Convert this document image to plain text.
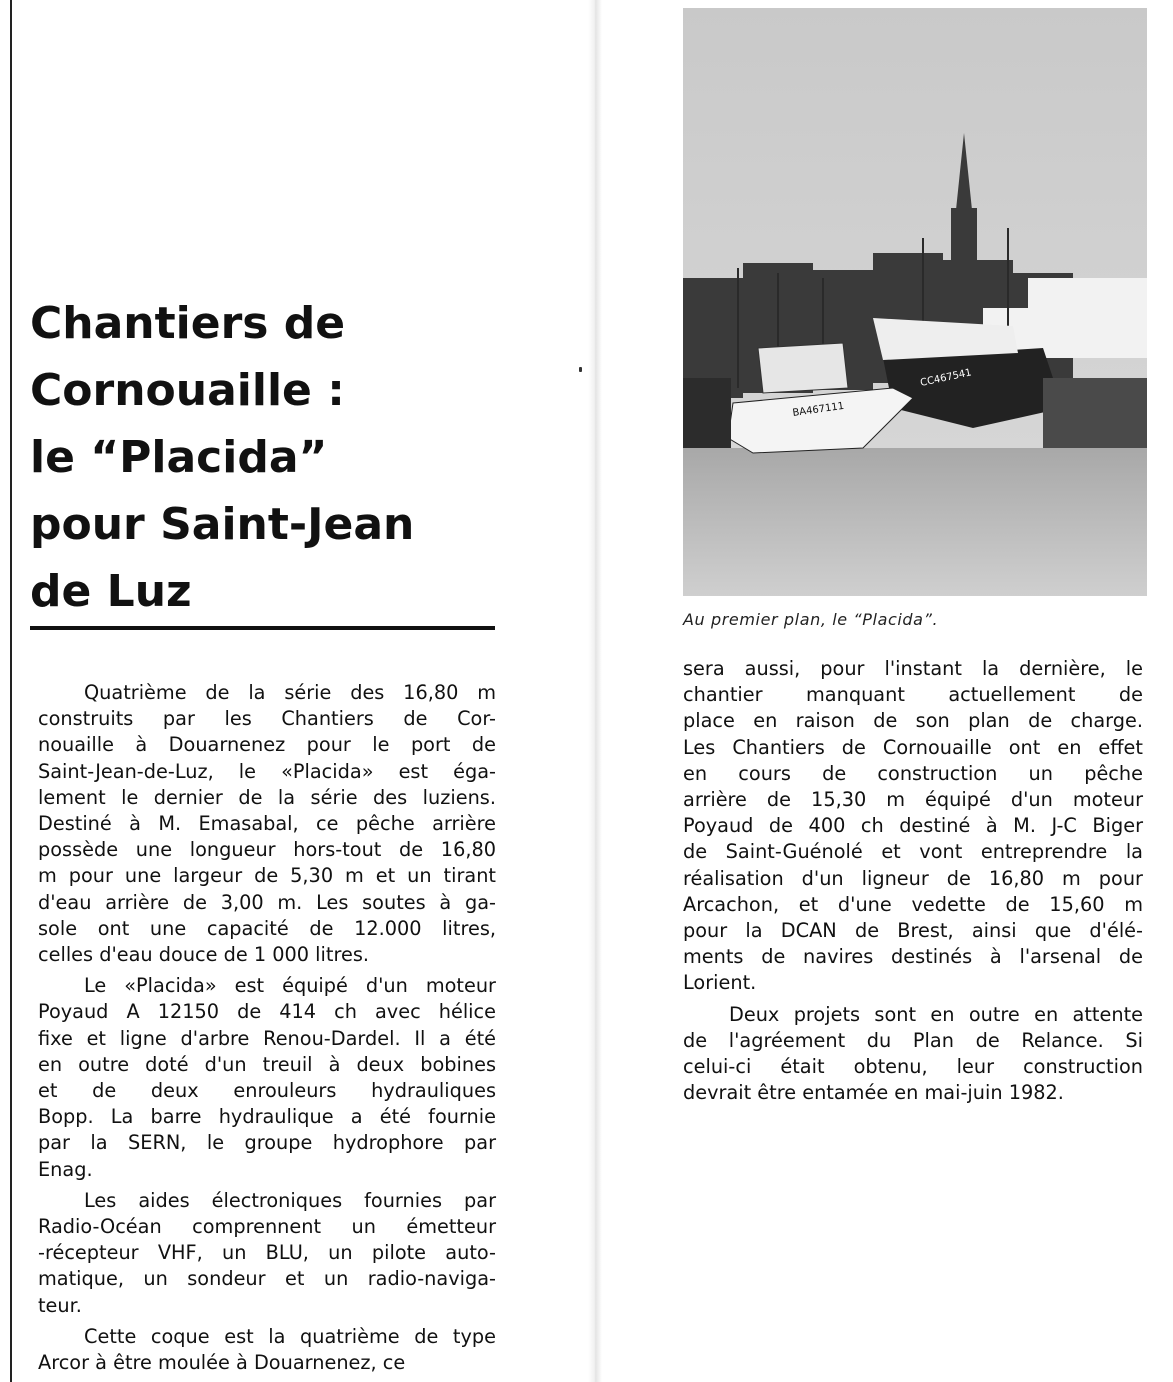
Chantiers de
Cornouaille :
le “Placida”
pour Saint-Jean
de Luz

Quatrième de la série des 16,80 m
construits par les Chantiers de Cor-
nouaille à Douarnenez pour le port de
Saint-Jean-de-Luz, le «Placida» est éga-
lement le dernier de la série des luziens.
Destiné à M. Emasabal, ce pêche arrière
possède une longueur hors-tout de 16,80
m pour une largeur de 5,30 m et un tirant
d'eau arrière de 3,00 m. Les soutes à ga-
sole ont une capacité de 12.000 litres,
celles d'eau douce de 1 000 litres.

Le «Placida» est équipé d'un moteur
Poyaud A 12150 de 414 ch avec hélice
fixe et ligne d'arbre Renou-Dardel. Il a été
en outre doté d'un treuil à deux bobines
et de deux enrouleurs hydrauliques
Bopp. La barre hydraulique a été fournie
par la SERN, le groupe hydrophore par
Enag.

Les aides électroniques fournies par
Radio-Océan comprennent un émetteur
-récepteur VHF, un BLU, un pilote auto-
matique, un sondeur et un radio-naviga-
teur.

Cette coque est la quatrième de type
Arcor à être moulée à Douarnenez, ce

sera aussi, pour l'instant la dernière, le
chantier manquant actuellement de
place en raison de son plan de charge.
Les Chantiers de Cornouaille ont en effet
en cours de construction un pêche
arrière de 15,30 m équipé d'un moteur
Poyaud de 400 ch destiné à M. J-C Biger
de Saint-Guénolé et vont entreprendre la
réalisation d'un ligneur de 16,80 m pour
Arcachon, et d'une vedette de 15,60 m
pour la DCAN de Brest, ainsi que d'élé-
ments de navires destinés à l'arsenal de
Lorient.

Deux projets sont en outre en attente
de l'agréement du Plan de Relance. Si
celui-ci était obtenu, leur construction
devrait être entamée en mai-juin 1982.

CC467541
BA467111
Au premier plan, le “Placida”.
